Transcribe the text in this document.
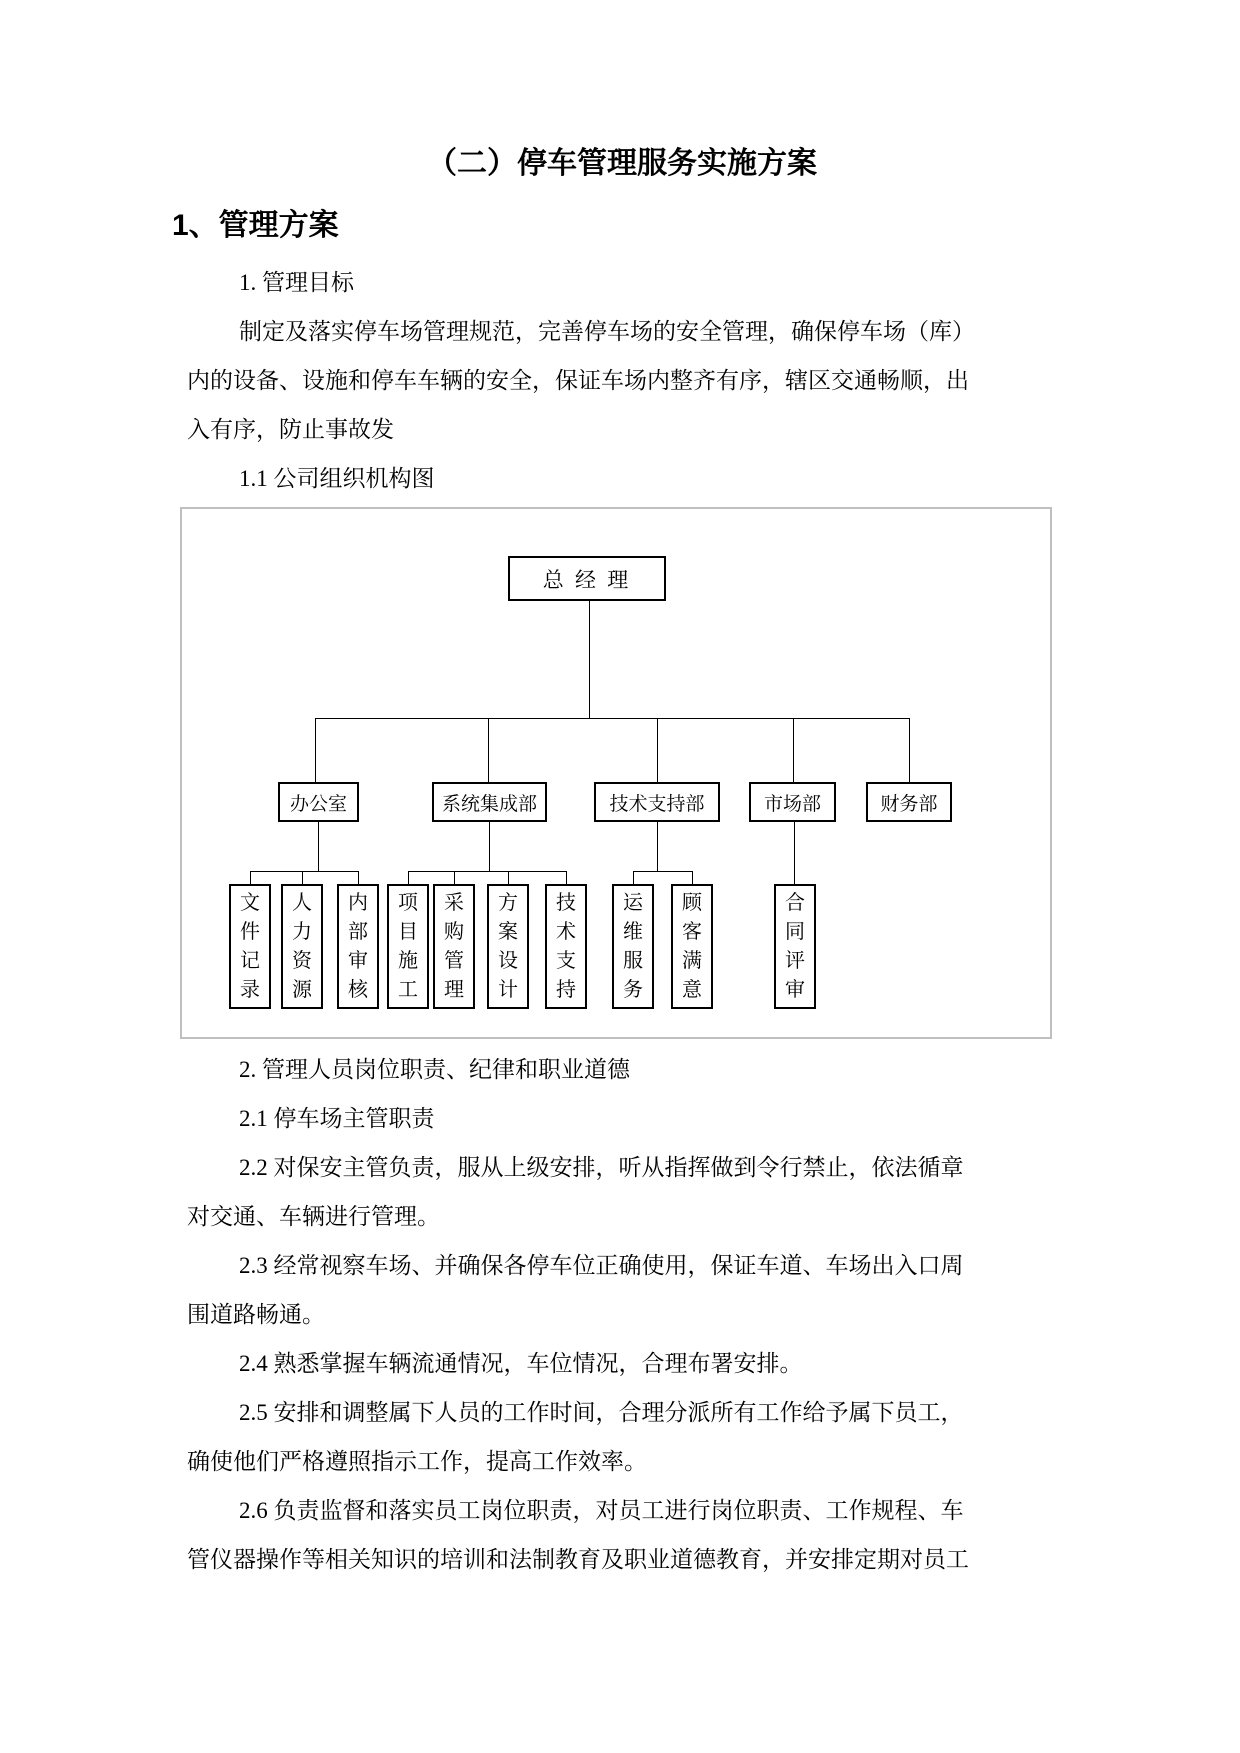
（二）停车管理服务实施方案
1、管理方案
1. 管理目标
制定及落实停车场管理规范，完善停车场的安全管理，确保停车场（库）
内的设备、设施和停车车辆的安全，保证车场内整齐有序，辖区交通畅顺，出
入有序，防止事故发
1.1 公司组织机构图
总 经 理
办公室	系统集成部	技术支持部	市场部	财务部
文
件
记
录
人
力
资
源
内
部
审
核
项
目
施
工
采
购
管
理
方
案
设
计
技
术
支
持
运
维
服
务
顾
客
满
意
合
同
评
审
2. 管理人员岗位职责、纪律和职业道德
2.1 停车场主管职责
2.2 对保安主管负责，服从上级安排，听从指挥做到令行禁止，依法循章
对交通、车辆进行管理。
2.3 经常视察车场、并确保各停车位正确使用，保证车道、车场出入口周
围道路畅通。
2.4 熟悉掌握车辆流通情况，车位情况，合理布署安排。
2.5 安排和调整属下人员的工作时间，合理分派所有工作给予属下员工，
确使他们严格遵照指示工作，提高工作效率。
2.6 负责监督和落实员工岗位职责，对员工进行岗位职责、工作规程、车
管仪器操作等相关知识的培训和法制教育及职业道德教育，并安排定期对员工
